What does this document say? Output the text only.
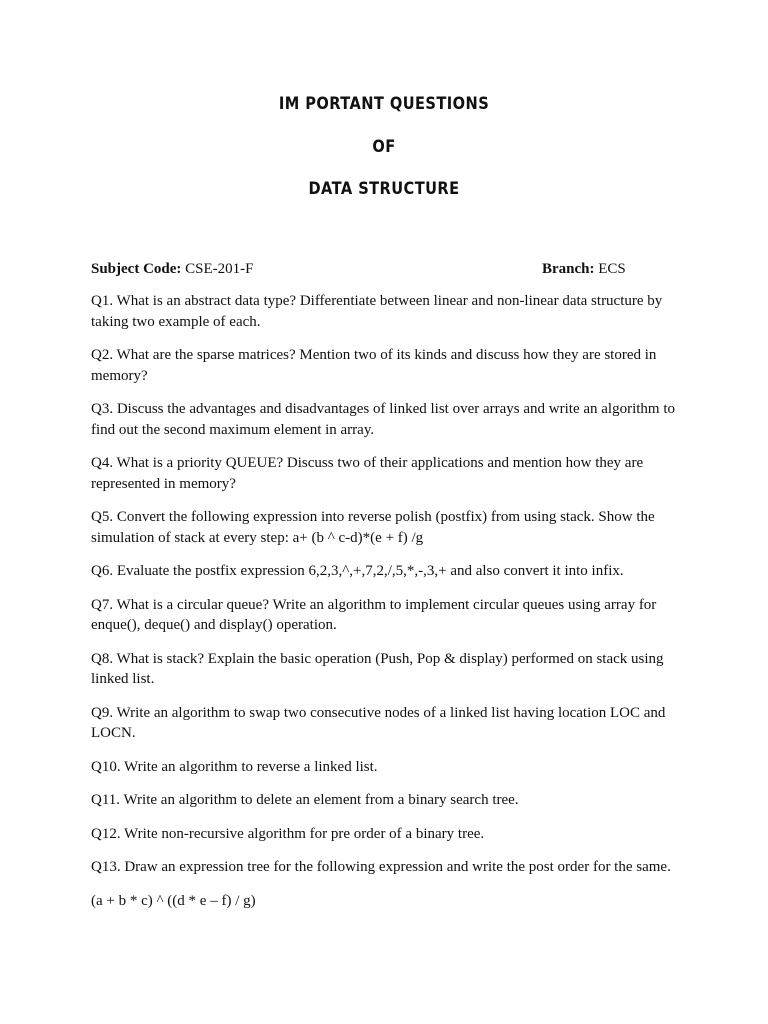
IM PORTANT QUESTIONS
OF
DATA STRUCTURE
Subject Code: CSE-201-F	Branch: ECS

Q1. What is an abstract data type? Differentiate between linear and non-linear data structure by taking two example of each.

Q2. What are the sparse matrices? Mention two of its kinds and discuss how they are stored in memory?

Q3. Discuss the advantages and disadvantages of linked list over arrays and write an algorithm to find out the second maximum element in array.

Q4. What is a priority QUEUE? Discuss two of their applications and mention how they are represented in memory?

Q5. Convert the following expression into reverse polish (postfix) from using stack. Show the simulation of stack at every step: a+ (b ^ c-d)*(e + f) /g

Q6. Evaluate the postfix expression 6,2,3,^,+,7,2,/,5,*,-,3,+ and also convert it into infix.

Q7. What is a circular queue? Write an algorithm to implement circular queues using array for enque(), deque() and display() operation.

Q8. What is stack? Explain the basic operation (Push, Pop & display) performed on stack using linked list.

Q9. Write an algorithm to swap two consecutive nodes of a linked list having location LOC and LOCN.

Q10. Write an algorithm to reverse a linked list.

Q11. Write an algorithm to delete an element from a binary search tree.

Q12. Write non-recursive algorithm for pre order of a binary tree.

Q13. Draw an expression tree for the following expression and write the post order for the same.

(a + b * c) ^ ((d * e – f) / g)
